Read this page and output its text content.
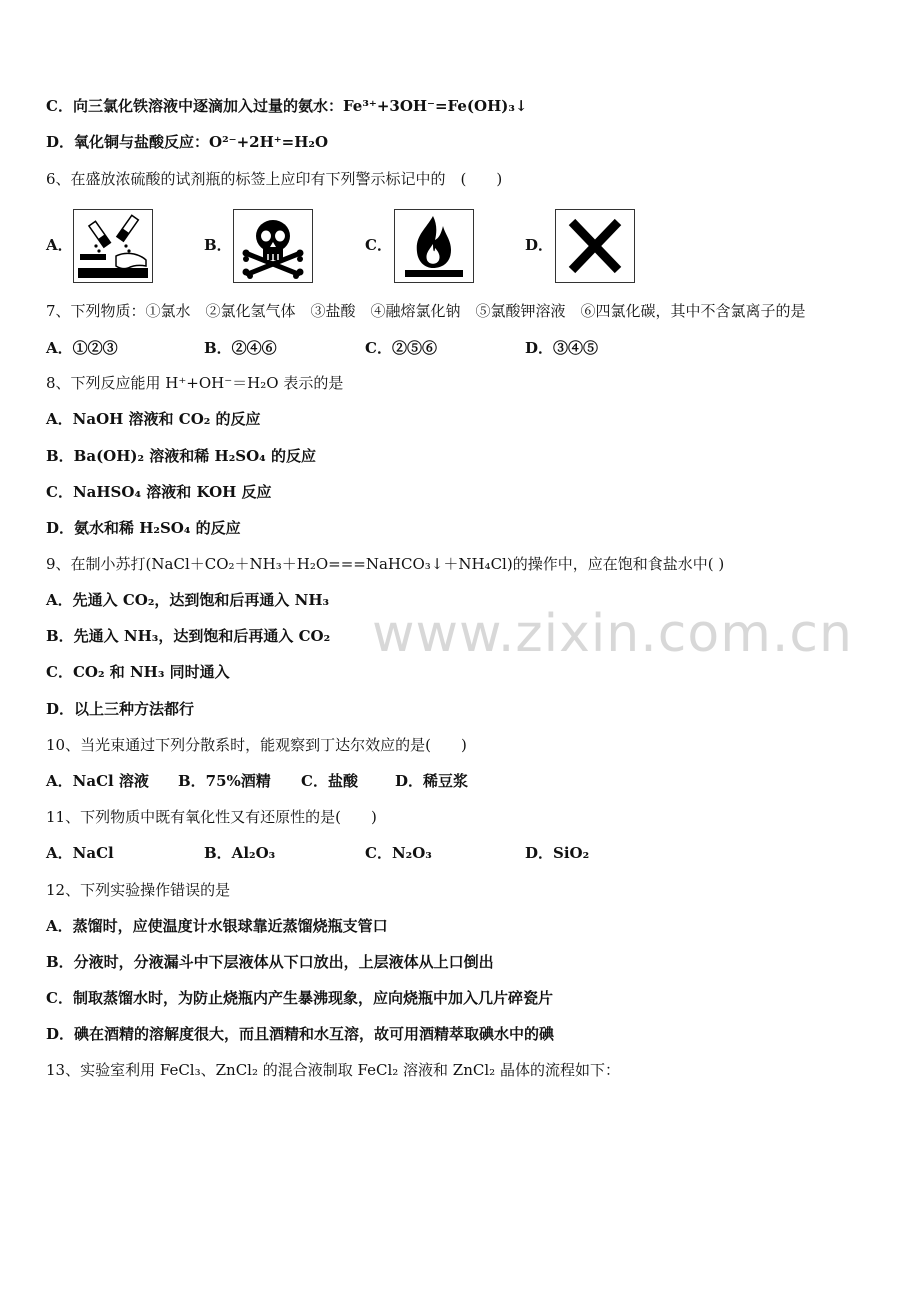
C．向三氯化铁溶液中逐滴加入过量的氨水：Fe³⁺+3OH⁻=Fe(OH)₃↓
D．氧化铜与盐酸反应：O²⁻+2H⁺=H₂O
6、在盛放浓硫酸的试剂瓶的标签上应印有下列警示标记中的　(　　)
A．	B．	C．	D．
7、下列物质：①氯水　②氯化氢气体　③盐酸　④融熔氯化钠　⑤氯酸钾溶液　⑥四氯化碳，其中不含氯离子的是
A．①②③	B．②④⑥	C．②⑤⑥	D．③④⑤
8、下列反应能用 H⁺+OH⁻＝H₂O 表示的是
A．NaOH 溶液和 CO₂ 的反应
B．Ba(OH)₂ 溶液和稀 H₂SO₄ 的反应
C．NaHSO₄ 溶液和 KOH 反应
D．氨水和稀 H₂SO₄ 的反应
9、在制小苏打(NaCl＋CO₂＋NH₃＋H₂O===NaHCO₃↓＋NH₄Cl)的操作中，应在饱和食盐水中( )
A．先通入 CO₂，达到饱和后再通入 NH₃
B．先通入 NH₃，达到饱和后再通入 CO₂
C．CO₂ 和 NH₃ 同时通入
D．以上三种方法都行
www.zixin.com.cn
10、当光束通过下列分散系时，能观察到丁达尔效应的是(　　)
A．NaCl 溶液 B．75%酒精 C．盐酸 D．稀豆浆
11、下列物质中既有氧化性又有还原性的是(　　)
A．NaCl	B．Al₂O₃	C．N₂O₃	D．SiO₂
12、下列实验操作错误的是
A．蒸馏时，应使温度计水银球靠近蒸馏烧瓶支管口
B．分液时，分液漏斗中下层液体从下口放出，上层液体从上口倒出
C．制取蒸馏水时，为防止烧瓶内产生暴沸现象，应向烧瓶中加入几片碎瓷片
D．碘在酒精的溶解度很大，而且酒精和水互溶，故可用酒精萃取碘水中的碘
13、实验室利用 FeCl₃、ZnCl₂ 的混合液制取 FeCl₂ 溶液和 ZnCl₂ 晶体的流程如下：
